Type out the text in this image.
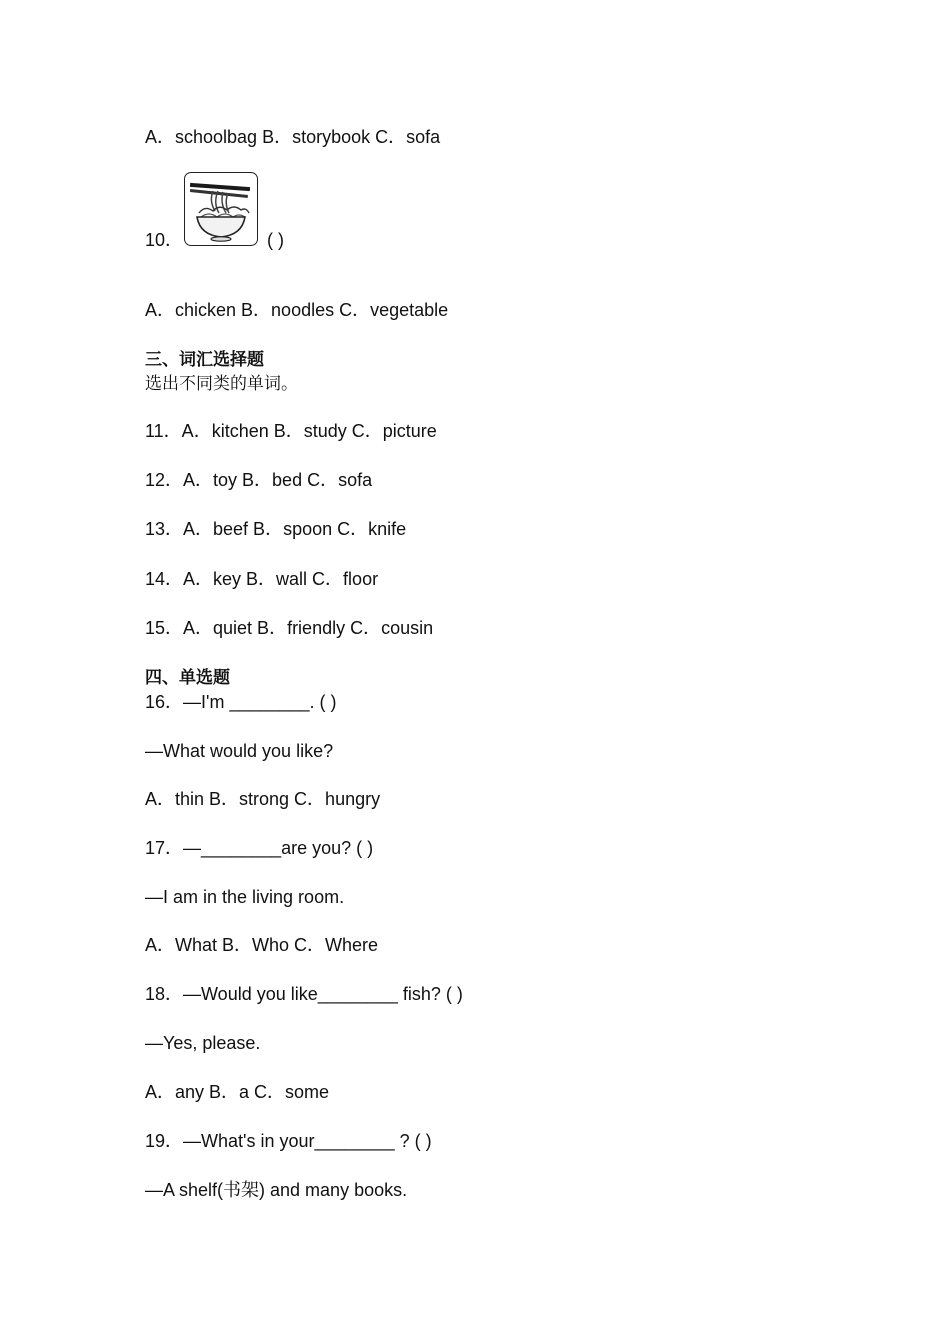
A．schoolbag B．storybook C．sofa
10．	( )
A．chicken B．noodles C．vegetable
三、词汇选择题
选出不同类的单词。
11．A．kitchen B．study C．picture
12．A．toy B．bed C．sofa
13．A．beef B．spoon C．knife
14．A．key B．wall C．floor
15．A．quiet B．friendly C．cousin
四、单选题
16．—I'm ________. ( )
—What would you like?
A．thin B．strong C．hungry
17．—________are you? ( )
—I am in the living room.
A．What B．Who C．Where
18．—Would you like________ fish? ( )
—Yes, please.
A．any B．a C．some
19．—What's in your________ ? ( )
—A shelf(书架) and many books.
